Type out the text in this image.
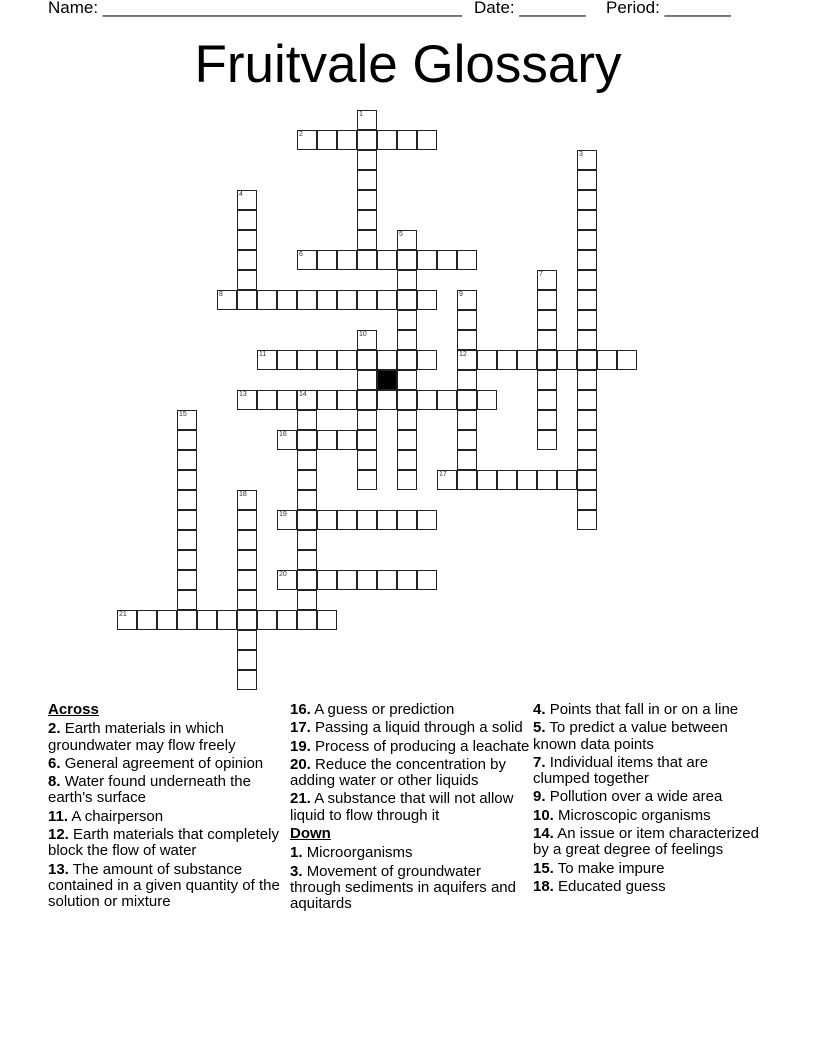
Name: ______________________________________ Date: _______ Period: _______
Fruitvale Glossary
1
2
3
4
5
6
7
8	9
12
10
11
13	14
15
16
17
18
19
20
21
Across
2. Earth materials in which groundwater may flow freely
6. General agreement of opinion
8. Water found underneath the earth's surface
11. A chairperson
12. Earth materials that completely block the flow of water
13. The amount of substance contained in a given quantity of the solution or mixture
16. A guess or prediction
17. Passing a liquid through a solid
19. Process of producing a leachate
20. Reduce the concentration by adding water or other liquids
21. A substance that will not allow liquid to flow through it
Down
1. Microorganisms
3. Movement of groundwater through sediments in aquifers and aquitards
4. Points that fall in or on a line
5. To predict a value between known data points
7. Individual items that are clumped together
9. Pollution over a wide area
10. Microscopic organisms
14. An issue or item characterized by a great degree of feelings
15. To make impure
18. Educated guess
